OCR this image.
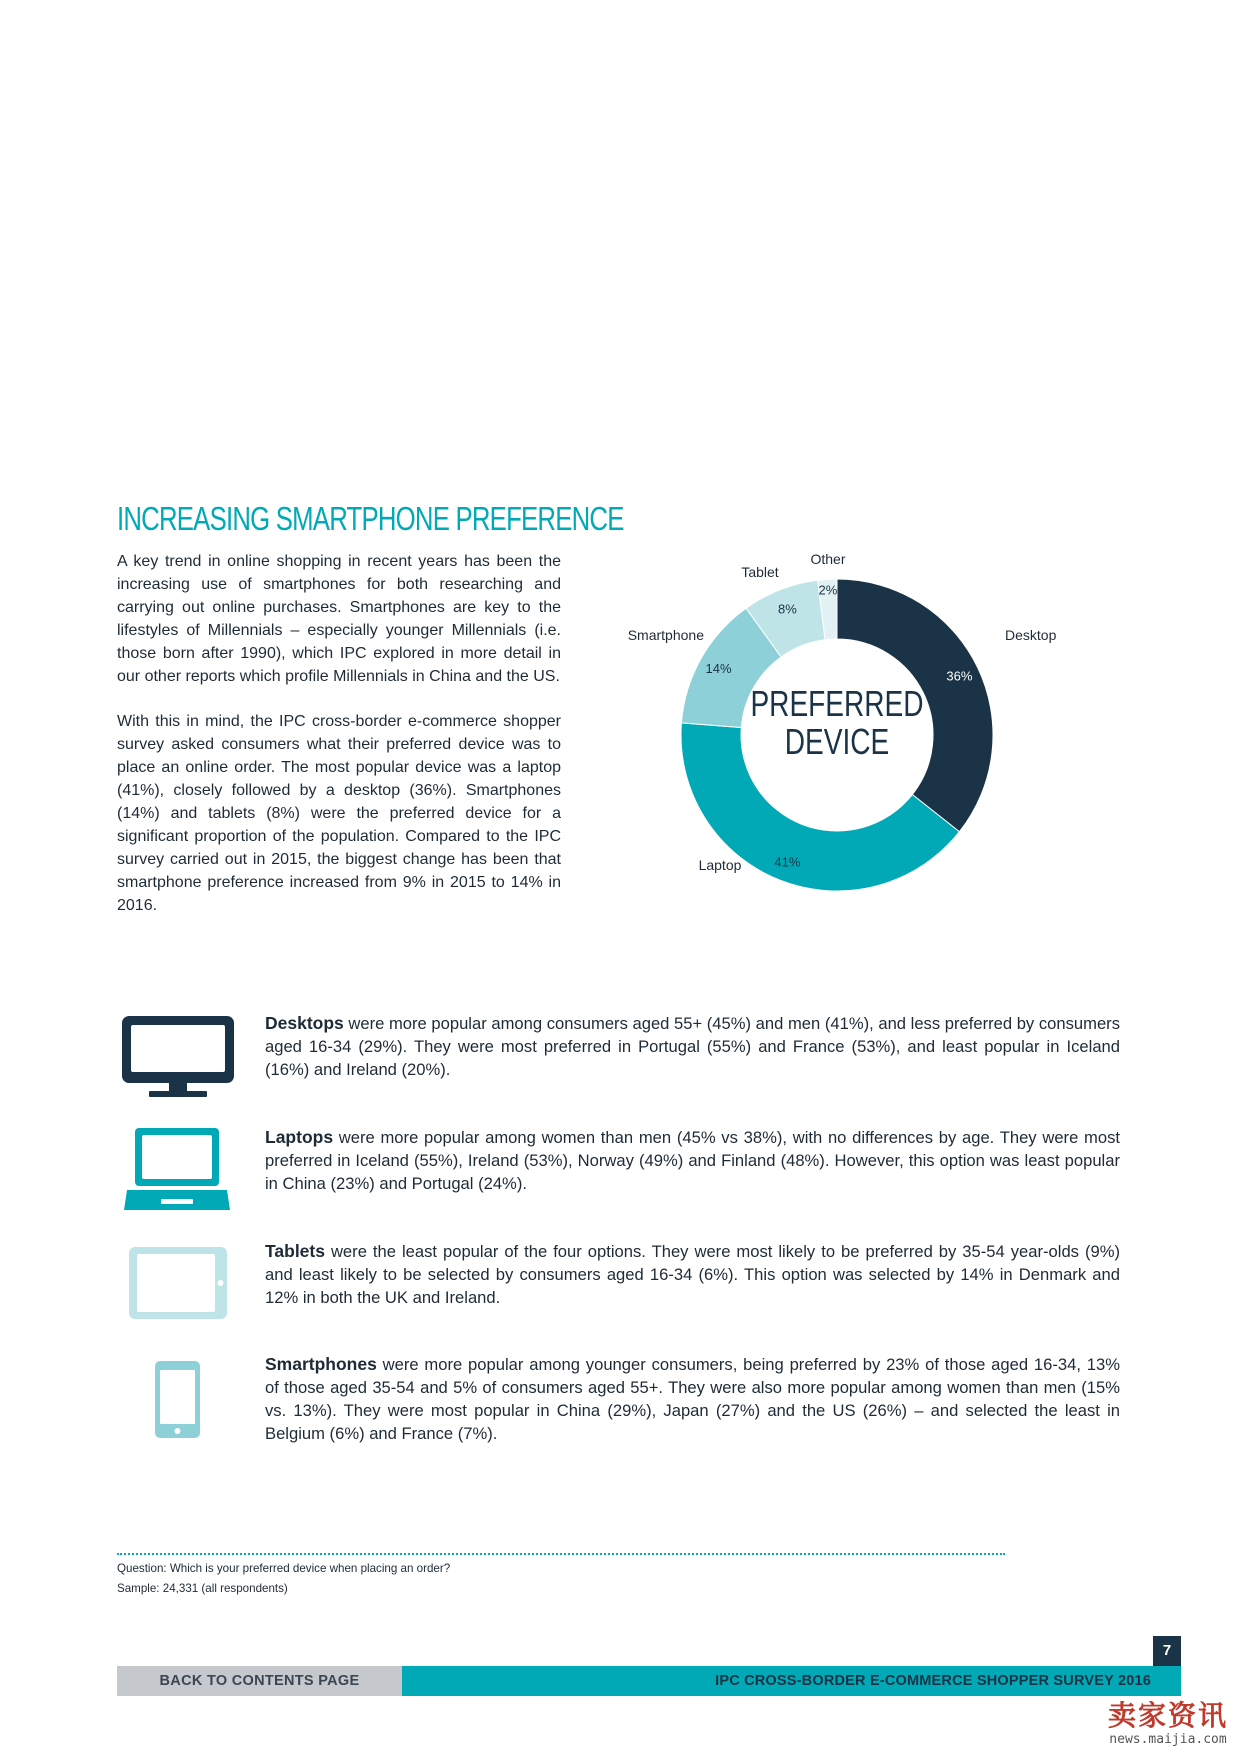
INCREASING SMARTPHONE PREFERENCE

A key trend in online shopping in recent years has been the increasing use of smartphones for both researching and carrying out online purchases. Smartphones are key to the lifestyles of Millennials – especially younger Millennials (i.e. those born after 1990), which IPC explored in more detail in our other reports which profile Millennials in China and the US.

With this in mind, the IPC cross-border e-commerce shopper survey asked consumers what their preferred device was to place an online order. The most popular device was a laptop (41%), closely followed by a desktop (36%). Smartphones (14%) and tablets (8%) were the preferred device for a significant proportion of the population. Compared to the IPC survey carried out in 2015, the biggest change has been that smartphone preference increased from 9% in 2015 to 14% in 2016.

36%
41%
14%
8%
2%
Desktop
Laptop
Smartphone
Tablet
Other
PREFERRED
DEVICE
Desktops were more popular among consumers aged 55+ (45%) and men (41%), and less preferred by consumers aged 16-34 (29%). They were most preferred in Portugal (55%) and France (53%), and least popular in Iceland (16%) and Ireland (20%).
Laptops were more popular among women than men (45% vs 38%), with no differences by age. They were most preferred in Iceland (55%), Ireland (53%), Norway (49%) and Finland (48%). However, this option was least popular in China (23%) and Portugal (24%).
Tablets were the least popular of the four options. They were most likely to be preferred by 35-54 year-olds (9%) and least likely to be selected by consumers aged 16-34 (6%). This option was selected by 14% in Denmark and 12% in both the UK and Ireland.
Smartphones were more popular among younger consumers, being preferred by 23% of those aged 16-34, 13% of those aged 35-54 and 5% of consumers aged 55+. They were also more popular among women than men (15% vs. 13%). They were most popular in China (29%), Japan (27%) and the US (26%) – and selected the least in Belgium (6%) and France (7%).
Question: Which is your preferred device when placing an order?
Sample: 24,331 (all respondents)
7
BACK TO CONTENTS PAGE	IPC CROSS-BORDER E-COMMERCE SHOPPER SURVEY 2016
卖家资讯
news.maijia.com
